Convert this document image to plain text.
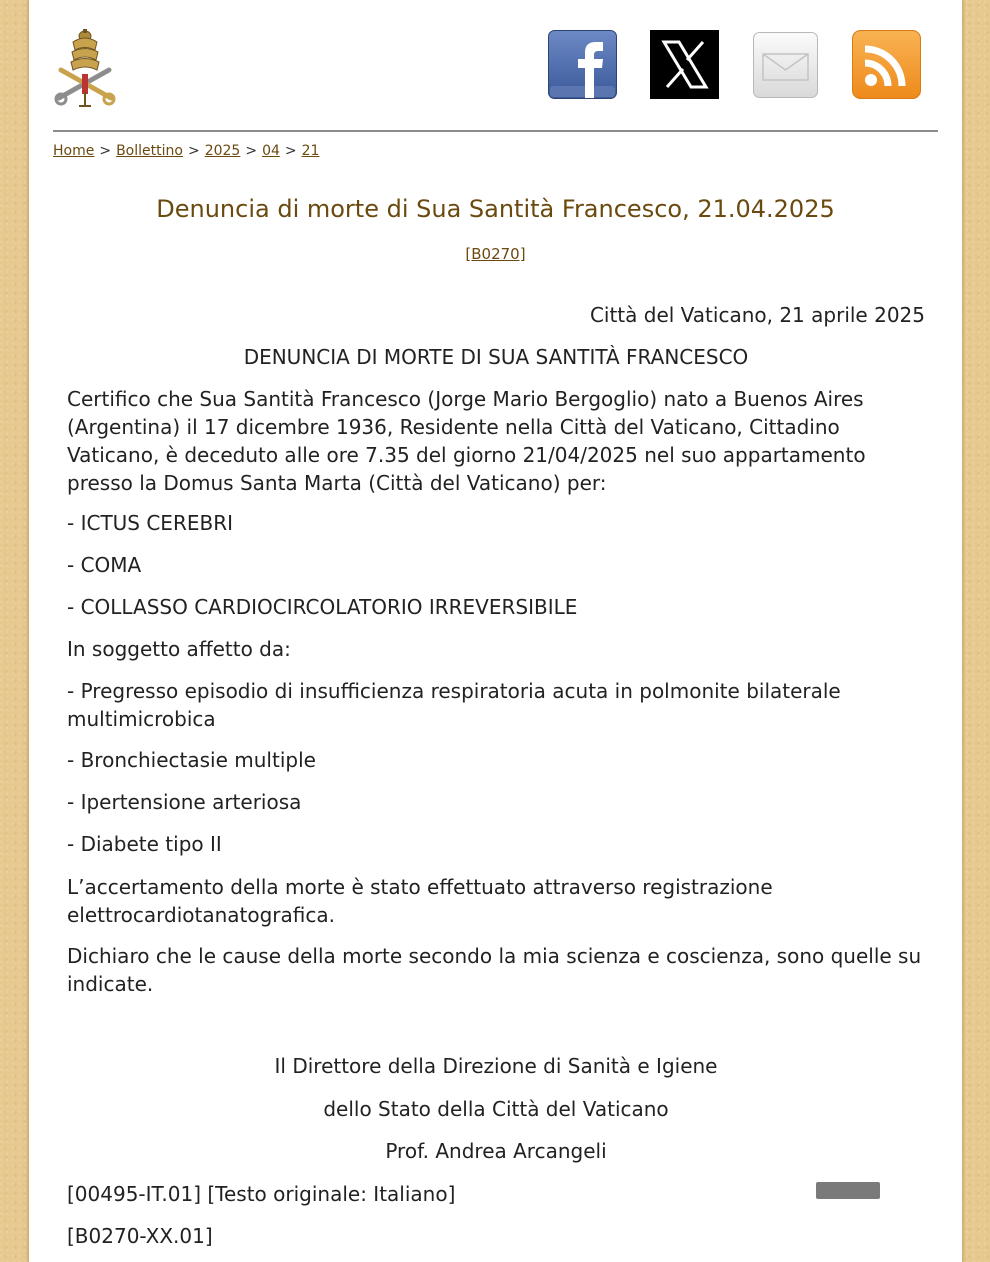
Home > Bollettino > 2025 > 04 > 21
Denuncia di morte di Sua Santità Francesco, 21.04.2025
[B0270]

Città del Vaticano, 21 aprile 2025

DENUNCIA DI MORTE DI SUA SANTITÀ FRANCESCO

Certifico che Sua Santità Francesco (Jorge Mario Bergoglio) nato a Buenos Aires (Argentina) il 17 dicembre 1936, Residente nella Città del Vaticano, Cittadino Vaticano, è deceduto alle ore 7.35 del giorno 21/04/2025 nel suo appartamento presso la Domus Santa Marta (Città del Vaticano) per:

- ICTUS CEREBRI

- COMA

- COLLASSO CARDIOCIRCOLATORIO IRREVERSIBILE

In soggetto affetto da:

- Pregresso episodio di insufficienza respiratoria acuta in polmonite bilaterale multimicrobica

- Bronchiectasie multiple

- Ipertensione arteriosa

- Diabete tipo II

L’accertamento della morte è stato effettuato attraverso registrazione elettrocardiotanatografica.

Dichiaro che le cause della morte secondo la mia scienza e coscienza, sono quelle su indicate.

Il Direttore della Direzione di Sanità e Igiene

dello Stato della Città del Vaticano

Prof. Andrea Arcangeli

[00495-IT.01] [Testo originale: Italiano]

[B0270-XX.01]
